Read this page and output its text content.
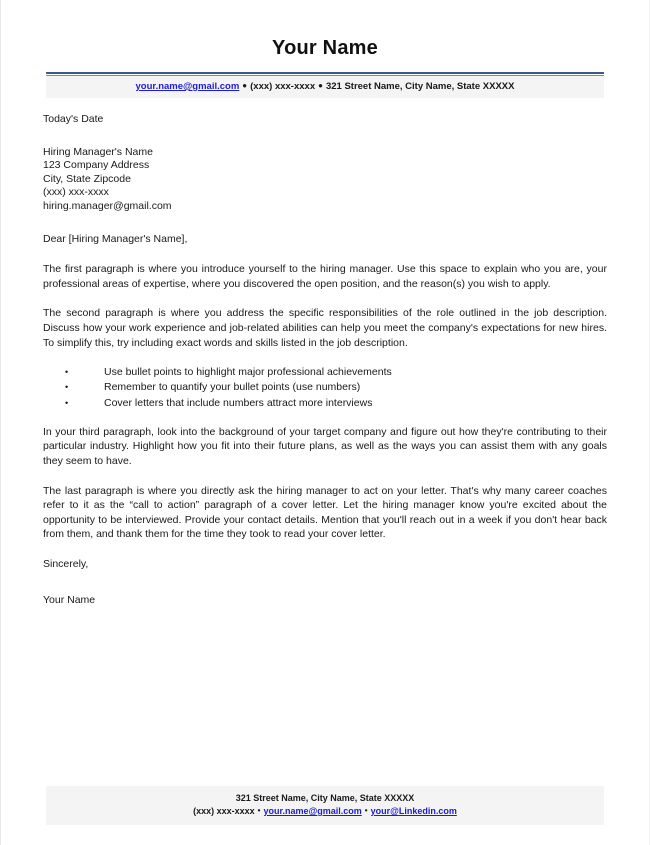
Your Name
your.name@gmail.com ● (xxx) xxx-xxxx ● 321 Street Name, City Name, State XXXXX
Today's Date
Hiring Manager's Name
123 Company Address
City, State Zipcode
(xxx) xxx-xxxx
hiring.manager@gmail.com
Dear [Hiring Manager's Name],

The first paragraph is where you introduce yourself to the hiring manager. Use this space to explain who you are, your professional areas of expertise, where you discovered the open position, and the reason(s) you wish to apply.

The second paragraph is where you address the specific responsibilities of the role outlined in the job description. Discuss how your work experience and job-related abilities can help you meet the company's expectations for new hires. To simplify this, try including exact words and skills listed in the job description.

•	Use bullet points to highlight major professional achievements
•	Remember to quantify your bullet points (use numbers)
•	Cover letters that include numbers attract more interviews

In your third paragraph, look into the background of your target company and figure out how they're contributing to their particular industry. Highlight how you fit into their future plans, as well as the ways you can assist them with any goals they seem to have.

The last paragraph is where you directly ask the hiring manager to act on your letter. That's why many career coaches refer to it as the “call to action” paragraph of a cover letter. Let the hiring manager know you're excited about the opportunity to be interviewed. Provide your contact details. Mention that you'll reach out in a week if you don't hear back from them, and thank them for the time they took to read your cover letter.

Sincerely,
Your Name
321 Street Name, City Name, State XXXXX
(xxx) xxx-xxxx • your.name@gmail.com • your@Linkedin.com
